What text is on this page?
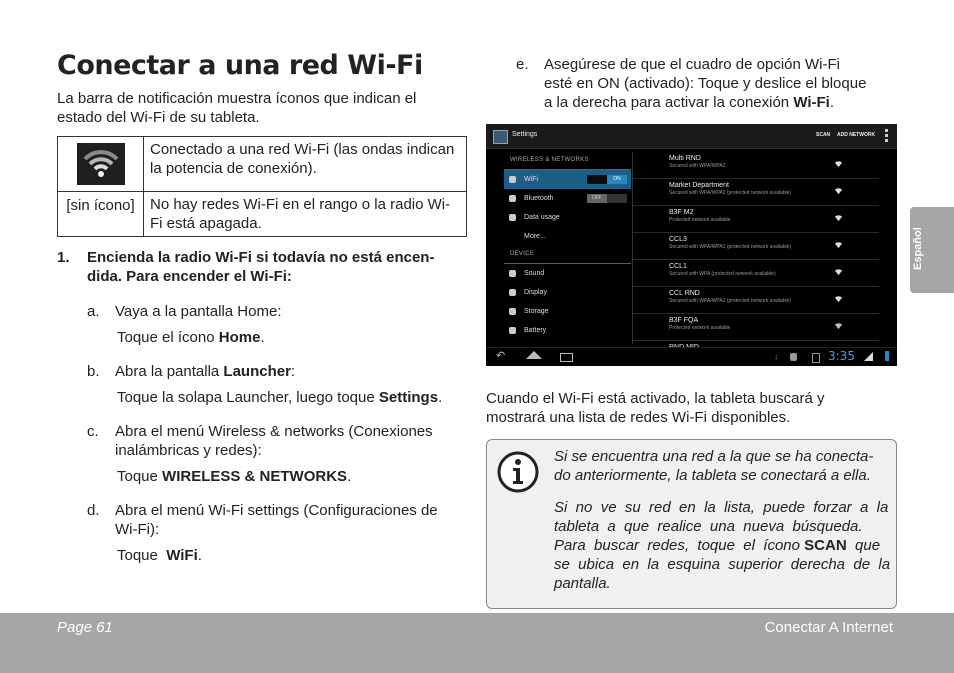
Conectar a una red Wi-Fi
La barra de notificación muestra íconos que indican el estado del Wi-Fi de su tableta.
	Conectado a una red Wi-Fi (las ondas indican la potencia de conexión).
[sin ícono]	No hay redes Wi-Fi en el rango o la radio Wi-Fi está apagada.
1. Encienda la radio Wi-Fi si todavía no está encen-
dida. Para encender el Wi-Fi:
a. Vaya a la pantalla Home:
Toque el ícono Home.
b. Abra la pantalla Launcher:
Toque la solapa Launcher, luego toque Settings.
c. Abra el menú Wireless & networks (Conexiones
inalámbricas y redes):
Toque WIRELESS & NETWORKS.
d. Abra el menú Wi-Fi settings (Configuraciones de
Wi-Fi):
Toque  WiFi.
e. Asegúrese de que el cuadro de opción Wi-Fi
esté en ON (activado): Toque y deslice el bloque
a la derecha para activar la conexión Wi-Fi.
Settings	SCAN ADD NETWORK
WIRELESS & NETWORKS
WiFi	ON
Bluetooth	OFF
Data usage
More...
DEVICE
Sound
Display
Storage
Battery
Multi RND
Secured with WPA/WPA2
Market Department
Secured with WPA/WPA2 (protected network available)
B3F M2
Protected network available
CCL3
Secured with WPA/WPA2 (protected network available)
CCL1
Secured with WPA (protected network available)
CCL RND
Secured with WPA/WPA2 (protected network available)
B3F FQA
Protected network available
↶	↓	3:35
Cuando el Wi-Fi está activado, la tableta buscará y
mostrará una lista de redes Wi-Fi disponibles.
Si se encuentra una red a la que se ha conecta-
do anteriormente, la tableta se conectará a ella.
Si  no  ve  su  red  en  la  lista,  puede  forzar  a  la
tableta  a  que  realice  una  nueva  búsqueda.
Para  buscar  redes,  toque  el  ícono SCAN  que
se  ubica  en  la  esquina  superior  derecha  de  la
pantalla.
Español
Page 61	Conectar A Internet
